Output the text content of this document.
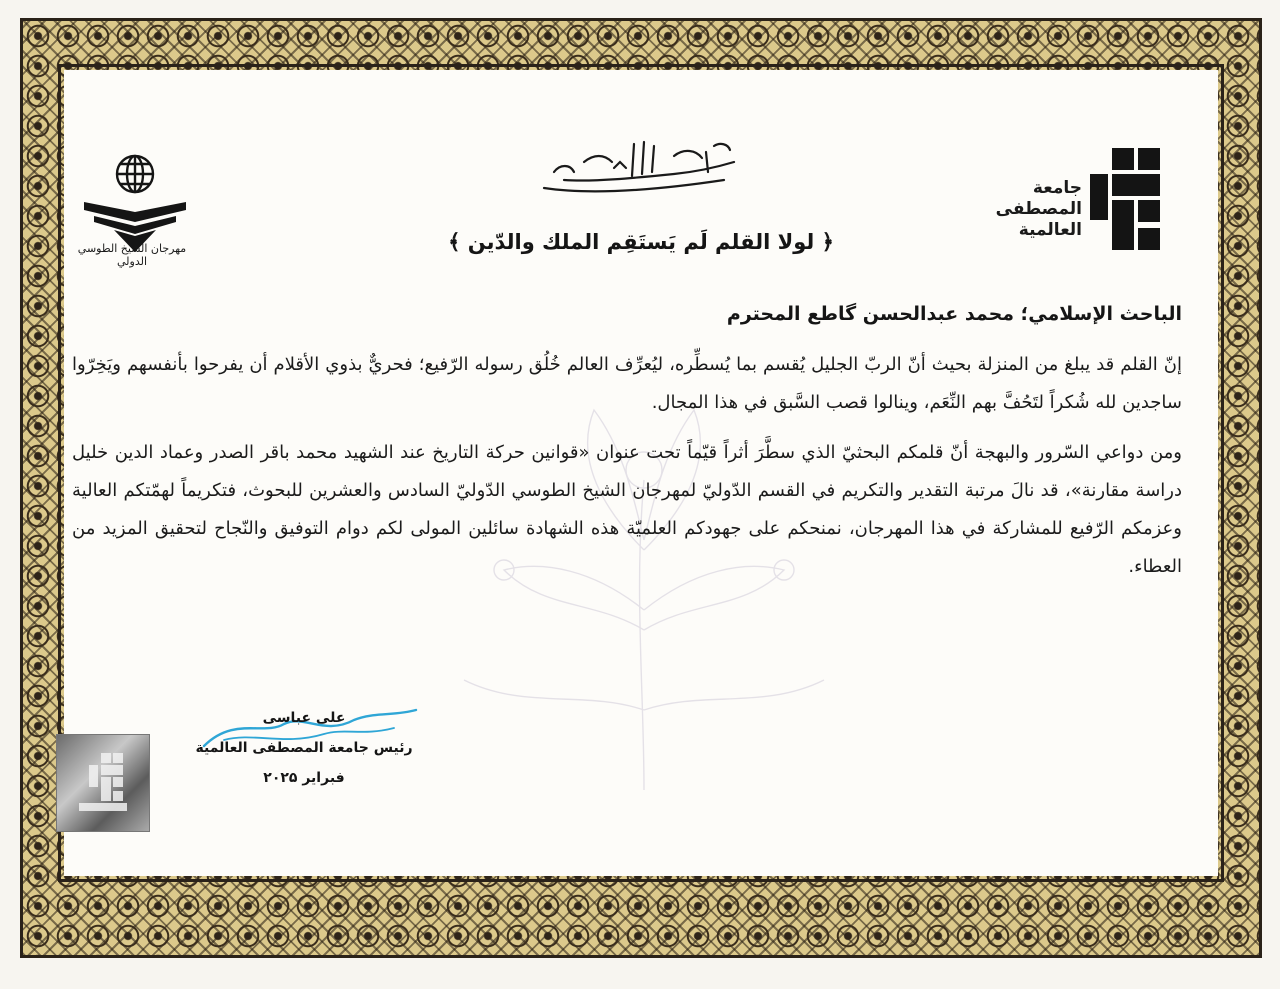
﴿ لولا القلم لَم يَستَقِم الملك والدّين ﴾
جامعة
المصطفی
العالمية
مهرجان الشيخ الطوسي الدولي
الباحث الإسلامي؛ محمد عبدالحسن گاطع المحترم

إنّ القلم قد يبلغ من المنزلة بحيث أنّ الربّ الجليل يُقسم بما يُسطِّره، ليُعرِّف العالم خُلُق رسوله الرّفيع؛ فحريٌّ بذوي الأقلام أن يفرحوا بأنفسهم ويَخِرّوا ساجدين لله شُكراً لتَحُفَّ بهم النِّعَم، وينالوا قصب السَّبق في هذا المجال.

ومن دواعي السّرور والبهجة أنّ قلمكم البحثيّ الذي سطَّرَ أثراً قيّماً تحت عنوان «قوانين حركة التاريخ عند الشهيد محمد باقر الصدر وعماد الدين خليل دراسة مقارنة»، قد نالَ مرتبة التقدير والتكريم في القسم الدّوليّ لمهرجان الشيخ الطوسي الدّوليّ السادس والعشرين للبحوث، فتكريماً لهمّتكم العالية وعزمكم الرّفيع للمشاركة في هذا المهرجان، نمنحكم على جهودكم العلميّة هذه الشهادة سائلين المولى لكم دوام التوفيق والنّجاح لتحقيق المزيد من العطاء.

علی عباسی
رئيس جامعة المصطفی العالمية
فبراير ۲۰۲۵
